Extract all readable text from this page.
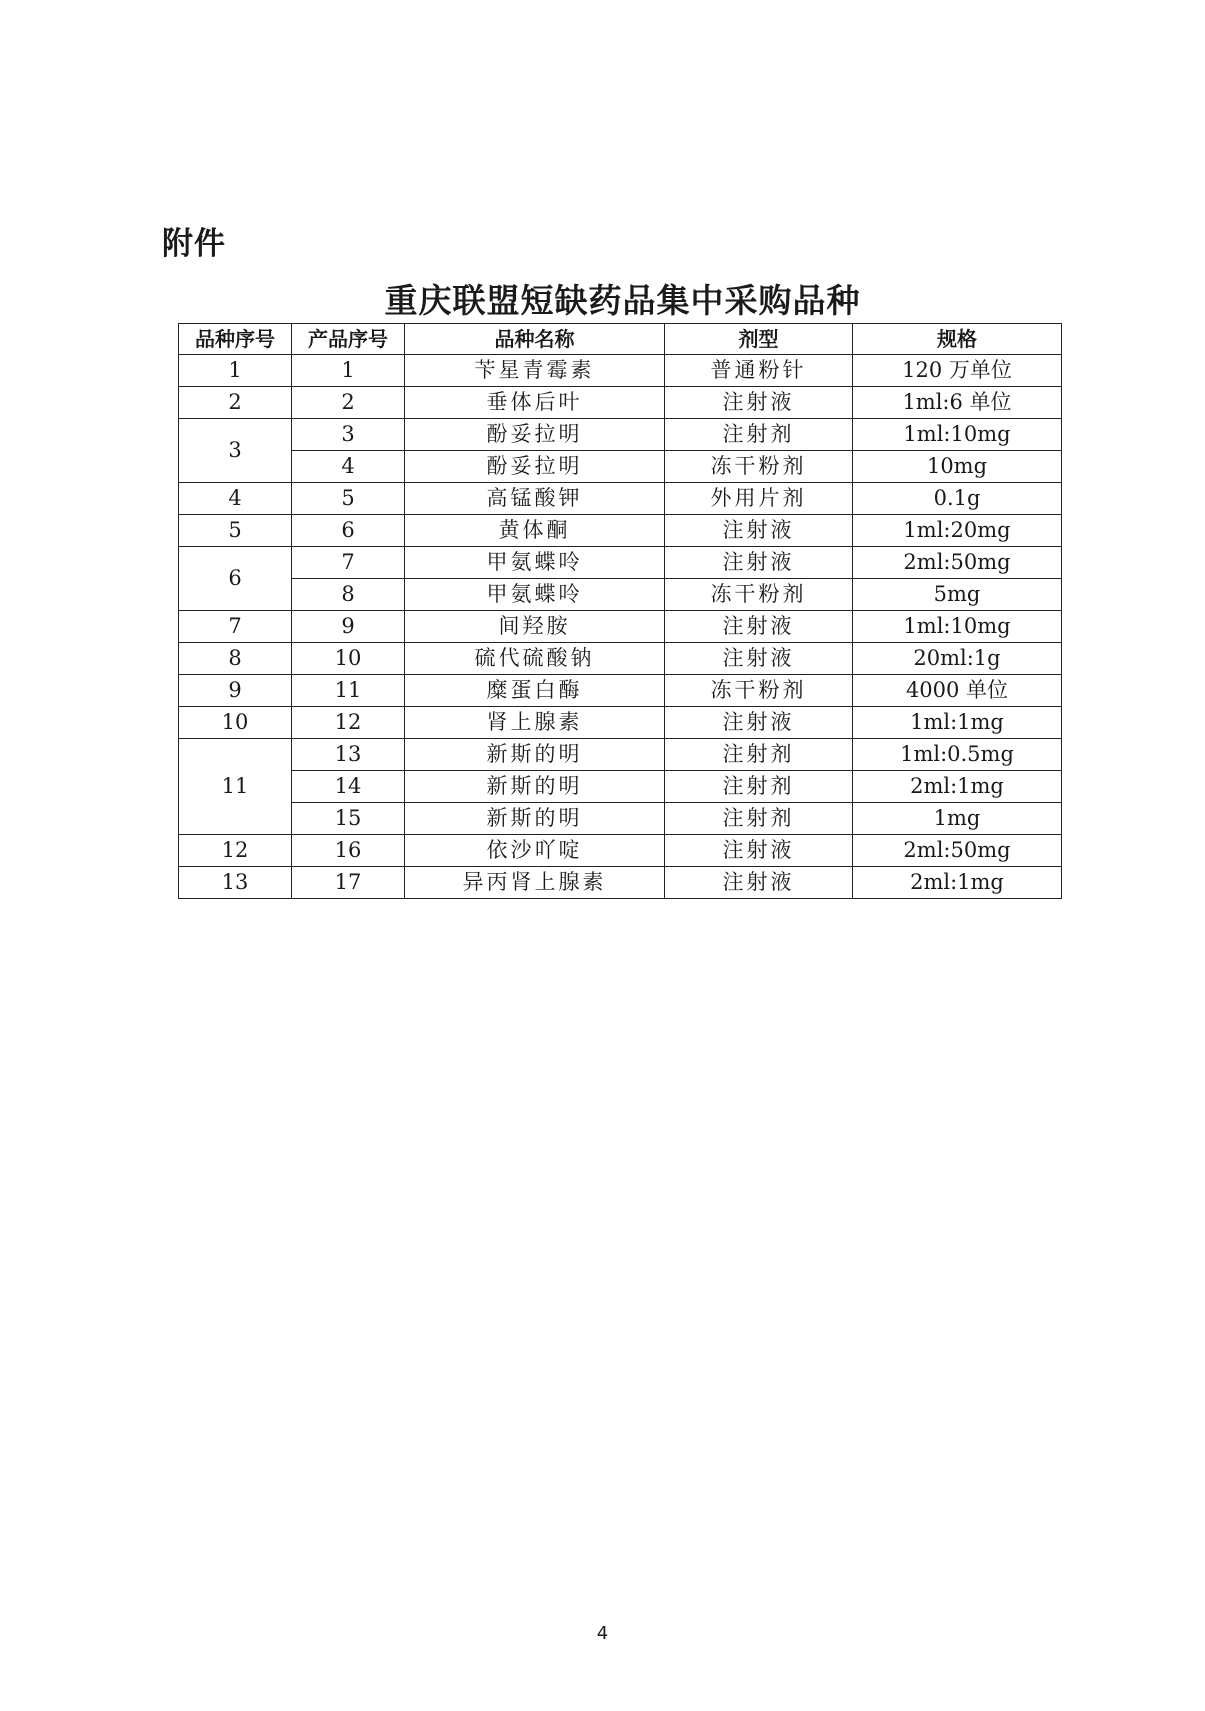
附件
重庆联盟短缺药品集中采购品种
品种序号	产品序号	品种名称	剂型	规格
1	1	苄星青霉素	普通粉针	120 万单位
2	2	垂体后叶	注射液	1ml:6 单位
3	3	酚妥拉明	注射剂	1ml:10mg
	4	酚妥拉明	冻干粉剂	10mg
4	5	高锰酸钾	外用片剂	0.1g
5	6	黄体酮	注射液	1ml:20mg
6	7	甲氨蝶呤	注射液	2ml:50mg
	8	甲氨蝶呤	冻干粉剂	5mg
7	9	间羟胺	注射液	1ml:10mg
8	10	硫代硫酸钠	注射液	20ml:1g
9	11	糜蛋白酶	冻干粉剂	4000 单位
10	12	肾上腺素	注射液	1ml:1mg
11	13	新斯的明	注射剂	1ml:0.5mg
	14	新斯的明	注射剂	2ml:1mg
	15	新斯的明	注射剂	1mg
12	16	依沙吖啶	注射液	2ml:50mg
13	17	异丙肾上腺素	注射液	2ml:1mg
4
